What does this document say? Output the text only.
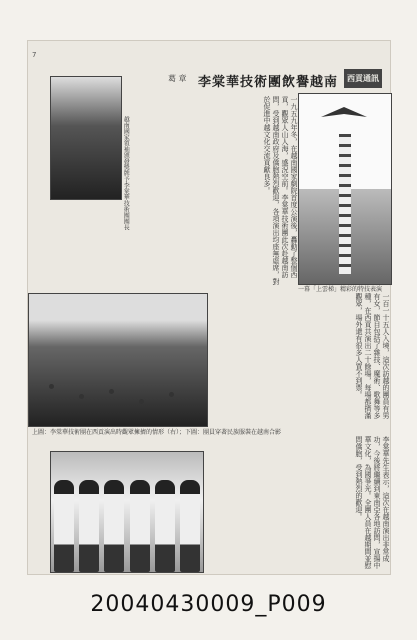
7
西貢通訊
李棠華技術團飲譽越南
葛 章
越南國家領袖頒發獎牌予李棠華技術團團長
一幕「上雲梯」精彩的特技表演
一九五九年冬，在越南國家劇院首度公演後，轟動了整個西貢，觀眾人山人海，盛況空前。李棠華技術團此次赴越南訪問，受到越南政府及僑胞熱烈歡迎，各項演出均座無虛席，對於促進中越文化交流貢獻良多。
一百一十五人入境，這次訪越的團員有男有女，節目包括了雜技、魔術、歌舞等多種，在西貢共演出二十餘場，每場都擠滿觀眾，場外還有很多人買不到票。
上圖：李棠華技術團在西貢演出時觀眾擁擠的情形（右）；下圖：團員穿著民族服裝在越南合影
李棠華先生表示，這次在越南演出非常成功，今後將繼續到東南亞各地訪問，宣揚中華文化，為國爭光。全團人員在越期間並慰問僑胞，受到熱烈的歡迎。
20040430009_P009
